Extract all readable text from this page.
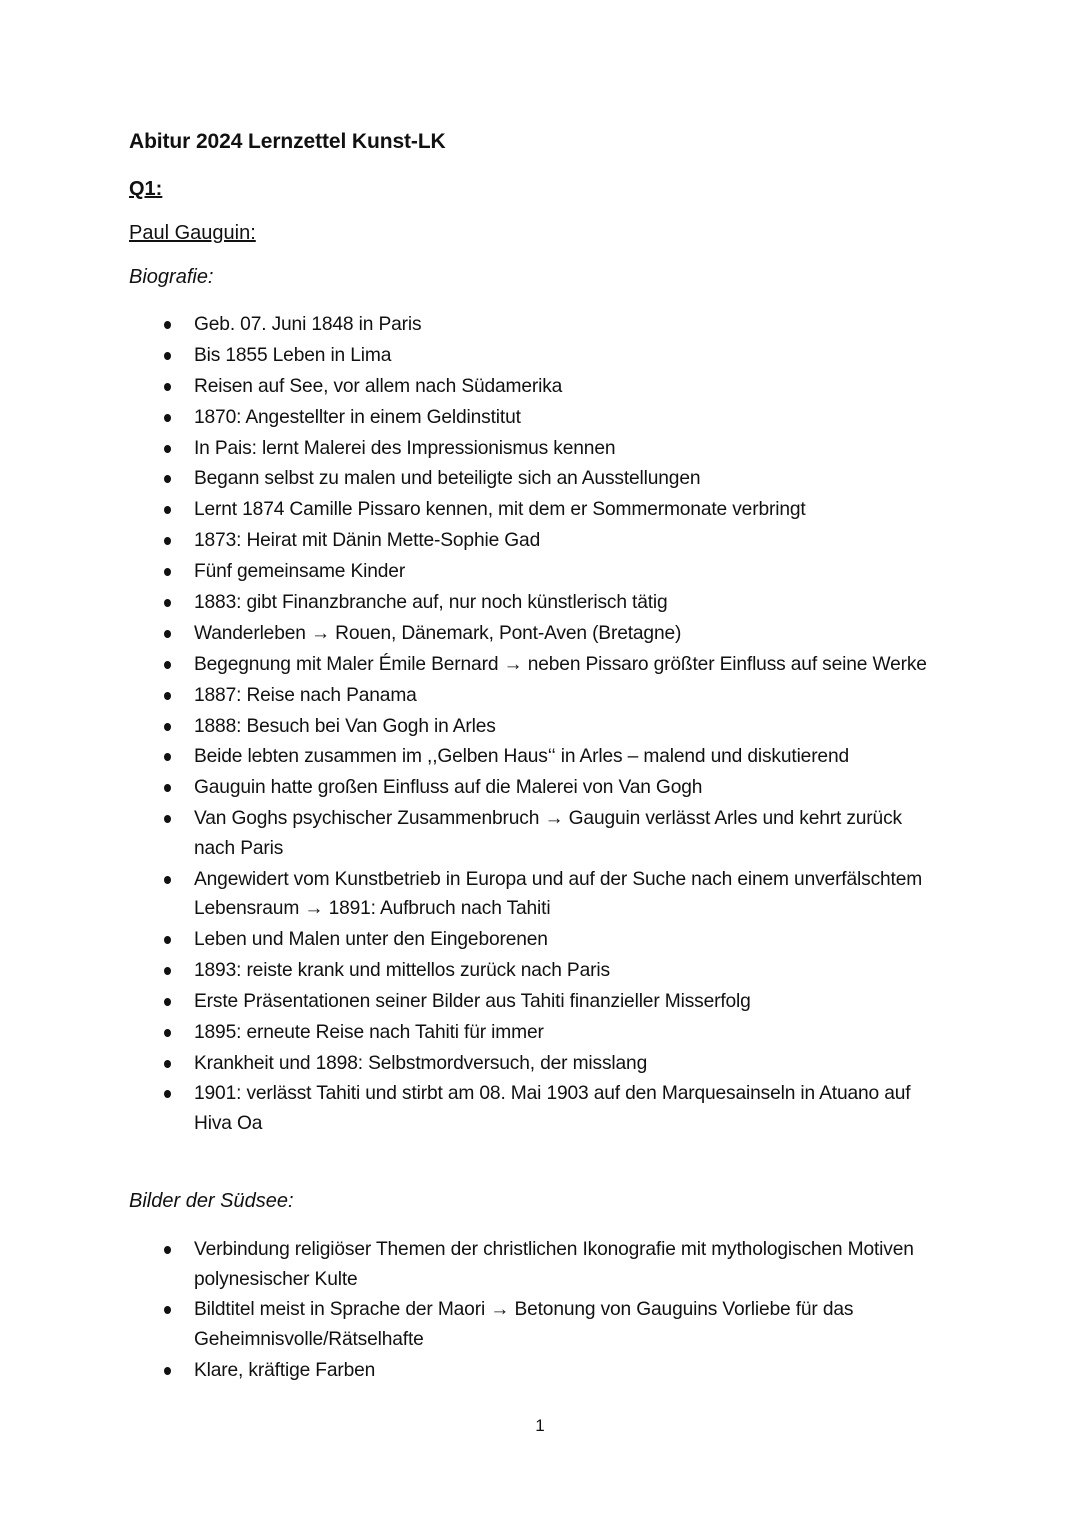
Abitur 2024 Lernzettel Kunst-LK
Q1:
Paul Gauguin:
Biografie:
Geb. 07. Juni 1848 in Paris
Bis 1855 Leben in Lima
Reisen auf See, vor allem nach Südamerika
1870: Angestellter in einem Geldinstitut
In Pais: lernt Malerei des Impressionismus kennen
Begann selbst zu malen und beteiligte sich an Ausstellungen
Lernt 1874 Camille Pissaro kennen, mit dem er Sommermonate verbringt
1873: Heirat mit Dänin Mette-Sophie Gad
Fünf gemeinsame Kinder
1883: gibt Finanzbranche auf, nur noch künstlerisch tätig
Wanderleben → Rouen, Dänemark, Pont-Aven (Bretagne)
Begegnung mit Maler Émile Bernard → neben Pissaro größter Einfluss auf seine Werke
1887: Reise nach Panama
1888: Besuch bei Van Gogh in Arles
Beide lebten zusammen im ,,Gelben Haus‘‘ in Arles – malend und diskutierend
Gauguin hatte großen Einfluss auf die Malerei von Van Gogh
Van Goghs psychischer Zusammenbruch → Gauguin verlässt Arles und kehrt zurück nach Paris
Angewidert vom Kunstbetrieb in Europa und auf der Suche nach einem unverfälschtem Lebensraum → 1891: Aufbruch nach Tahiti
Leben und Malen unter den Eingeborenen
1893: reiste krank und mittellos zurück nach Paris
Erste Präsentationen seiner Bilder aus Tahiti finanzieller Misserfolg
1895: erneute Reise nach Tahiti für immer
Krankheit und 1898: Selbstmordversuch, der misslang
1901: verlässt Tahiti und stirbt am 08. Mai 1903 auf den Marquesainseln in Atuano auf Hiva Oa
Bilder der Südsee:
Verbindung religiöser Themen der christlichen Ikonografie mit mythologischen Motiven polynesischer Kulte
Bildtitel meist in Sprache der Maori → Betonung von Gauguins Vorliebe für das Geheimnisvolle/Rätselhafte
Klare, kräftige Farben
1
